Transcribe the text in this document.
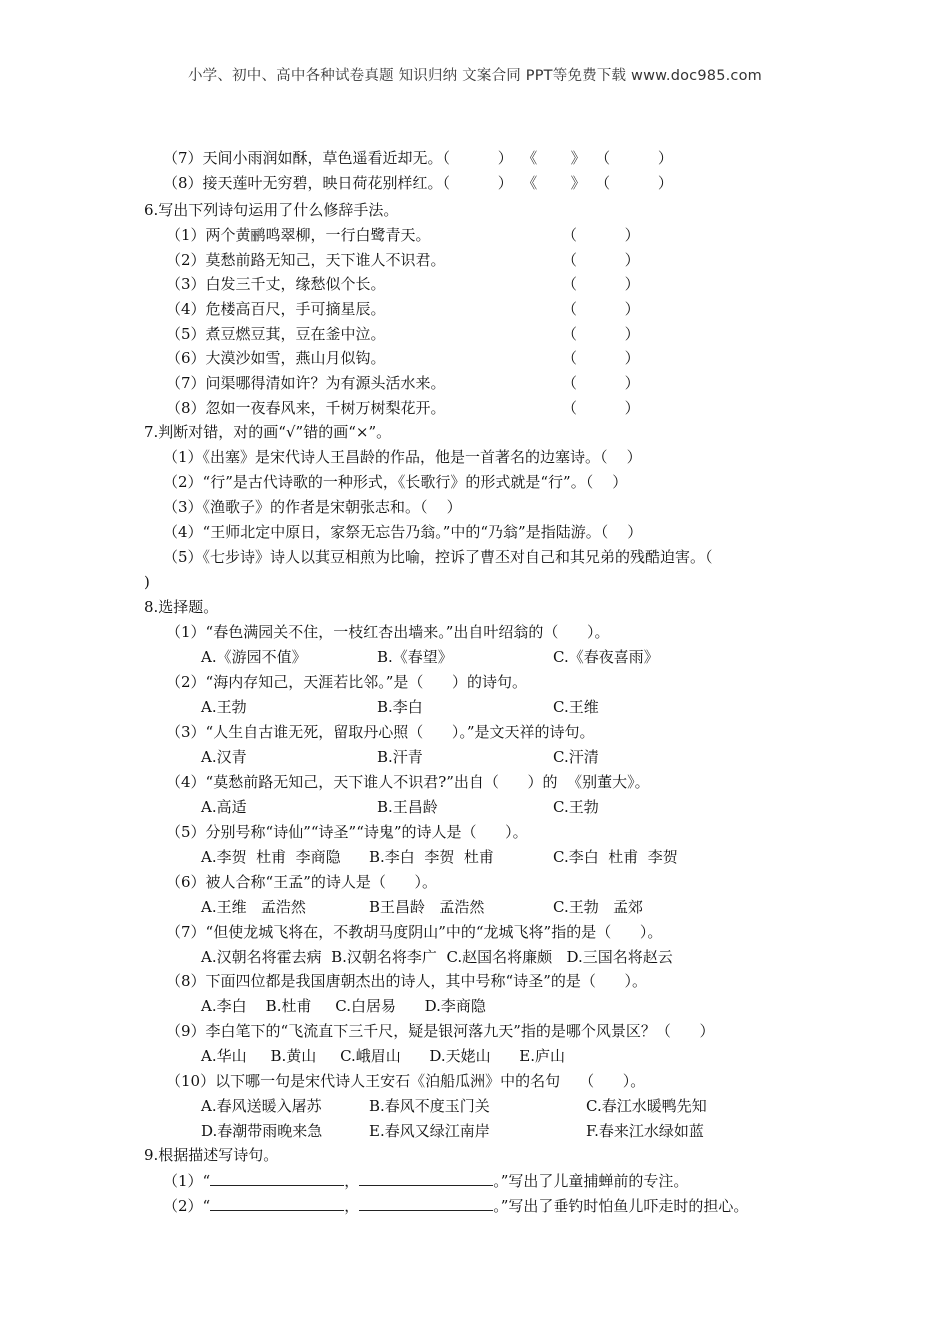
小学、初中、高中各种试卷真题 知识归纳 文案合同 PPT等免费下载 www.doc985.com
（7）天间小雨润如酥，草色遥看近却无。（          ）  《       》  （          ）
（8）接天莲叶无穷碧，映日荷花别样红。（          ）  《       》  （          ）
6.写出下列诗句运用了什么修辞手法。
（1）两个黄鹂鸣翠柳，一行白鹭青天。	（          ）
（2）莫愁前路无知己，天下谁人不识君。	（          ）
（3）白发三千丈，缘愁似个长。	（          ）
（4）危楼高百尺，手可摘星辰。	（          ）
（5）煮豆燃豆萁，豆在釜中泣。	（          ）
（6）大漠沙如雪，燕山月似钩。	（          ）
（7）问渠哪得清如许？为有源头活水来。	（          ）
（8）忽如一夜春风来，千树万树梨花开。	（          ）
7.判断对错，对的画“√”错的画“×”。
（1）《出塞》是宋代诗人王昌龄的作品，他是一首著名的边塞诗。（    ）
（2）“行”是古代诗歌的一种形式，《长歌行》的形式就是“行”。（    ）
（3）《渔歌子》的作者是宋朝张志和。（    ）
（4）“王师北定中原日，家祭无忘告乃翁。”中的“乃翁”是指陆游。（    ）
（5）《七步诗》诗人以萁豆相煎为比喻，控诉了曹丕对自己和其兄弟的残酷迫害。（
)
8.选择题。
（1）“春色满园关不住，一枝红杏出墙来。”出自叶绍翁的（      ）。
A.《游园不值》	B.《春望》	C.《春夜喜雨》
（2）“海内存知己，天涯若比邻。”是（      ）的诗句。
A.王勃	B.李白	C.王维
（3）“人生自古谁无死，留取丹心照（      ）。”是文天祥的诗句。
A.汉青	B.汗青	C.汗清
（4）“莫愁前路无知己，天下谁人不识君?”出自（      ）的  《别董大》。
A.高适	B.王昌龄	C.王勃
（5）分别号称“诗仙”“诗圣”“诗鬼”的诗人是（      ）。
A.李贺  杜甫  李商隐 B.李白  李贺  杜甫	C.李白  杜甫  李贺
（6）被人合称“王孟”的诗人是（      ）。
A.王维   孟浩然	B王昌龄   孟浩然	C.王勃   孟郊
（7）“但使龙城飞将在，不教胡马度阴山”中的“龙城飞将”指的是（      ）。
A.汉朝名将霍去病  B.汉朝名将李广  C.赵国名将廉颇   D.三国名将赵云
（8）下面四位都是我国唐朝杰出的诗人，其中号称“诗圣”的是（      ）。
A.李白    B.杜甫     C.白居易      D.李商隐
（9）李白笔下的“飞流直下三千尺，疑是银河落九天”指的是哪个风景区？（      ）
A.华山     B.黄山     C.峨眉山      D.天姥山      E.庐山
（10）以下哪一句是宋代诗人王安石《泊船瓜洲》中的名句    （      ）。
A.春风送暖入屠苏	B.春风不度玉门关	C.春江水暖鸭先知
D.春潮带雨晚来急	E.春风又绿江南岸	F.春来江水绿如蓝
9.根据描述写诗句。
（1）“	，	。”写出了儿童捕蝉前的专注。
（2）“	，	。”写出了垂钓时怕鱼儿吓走时的担心。
